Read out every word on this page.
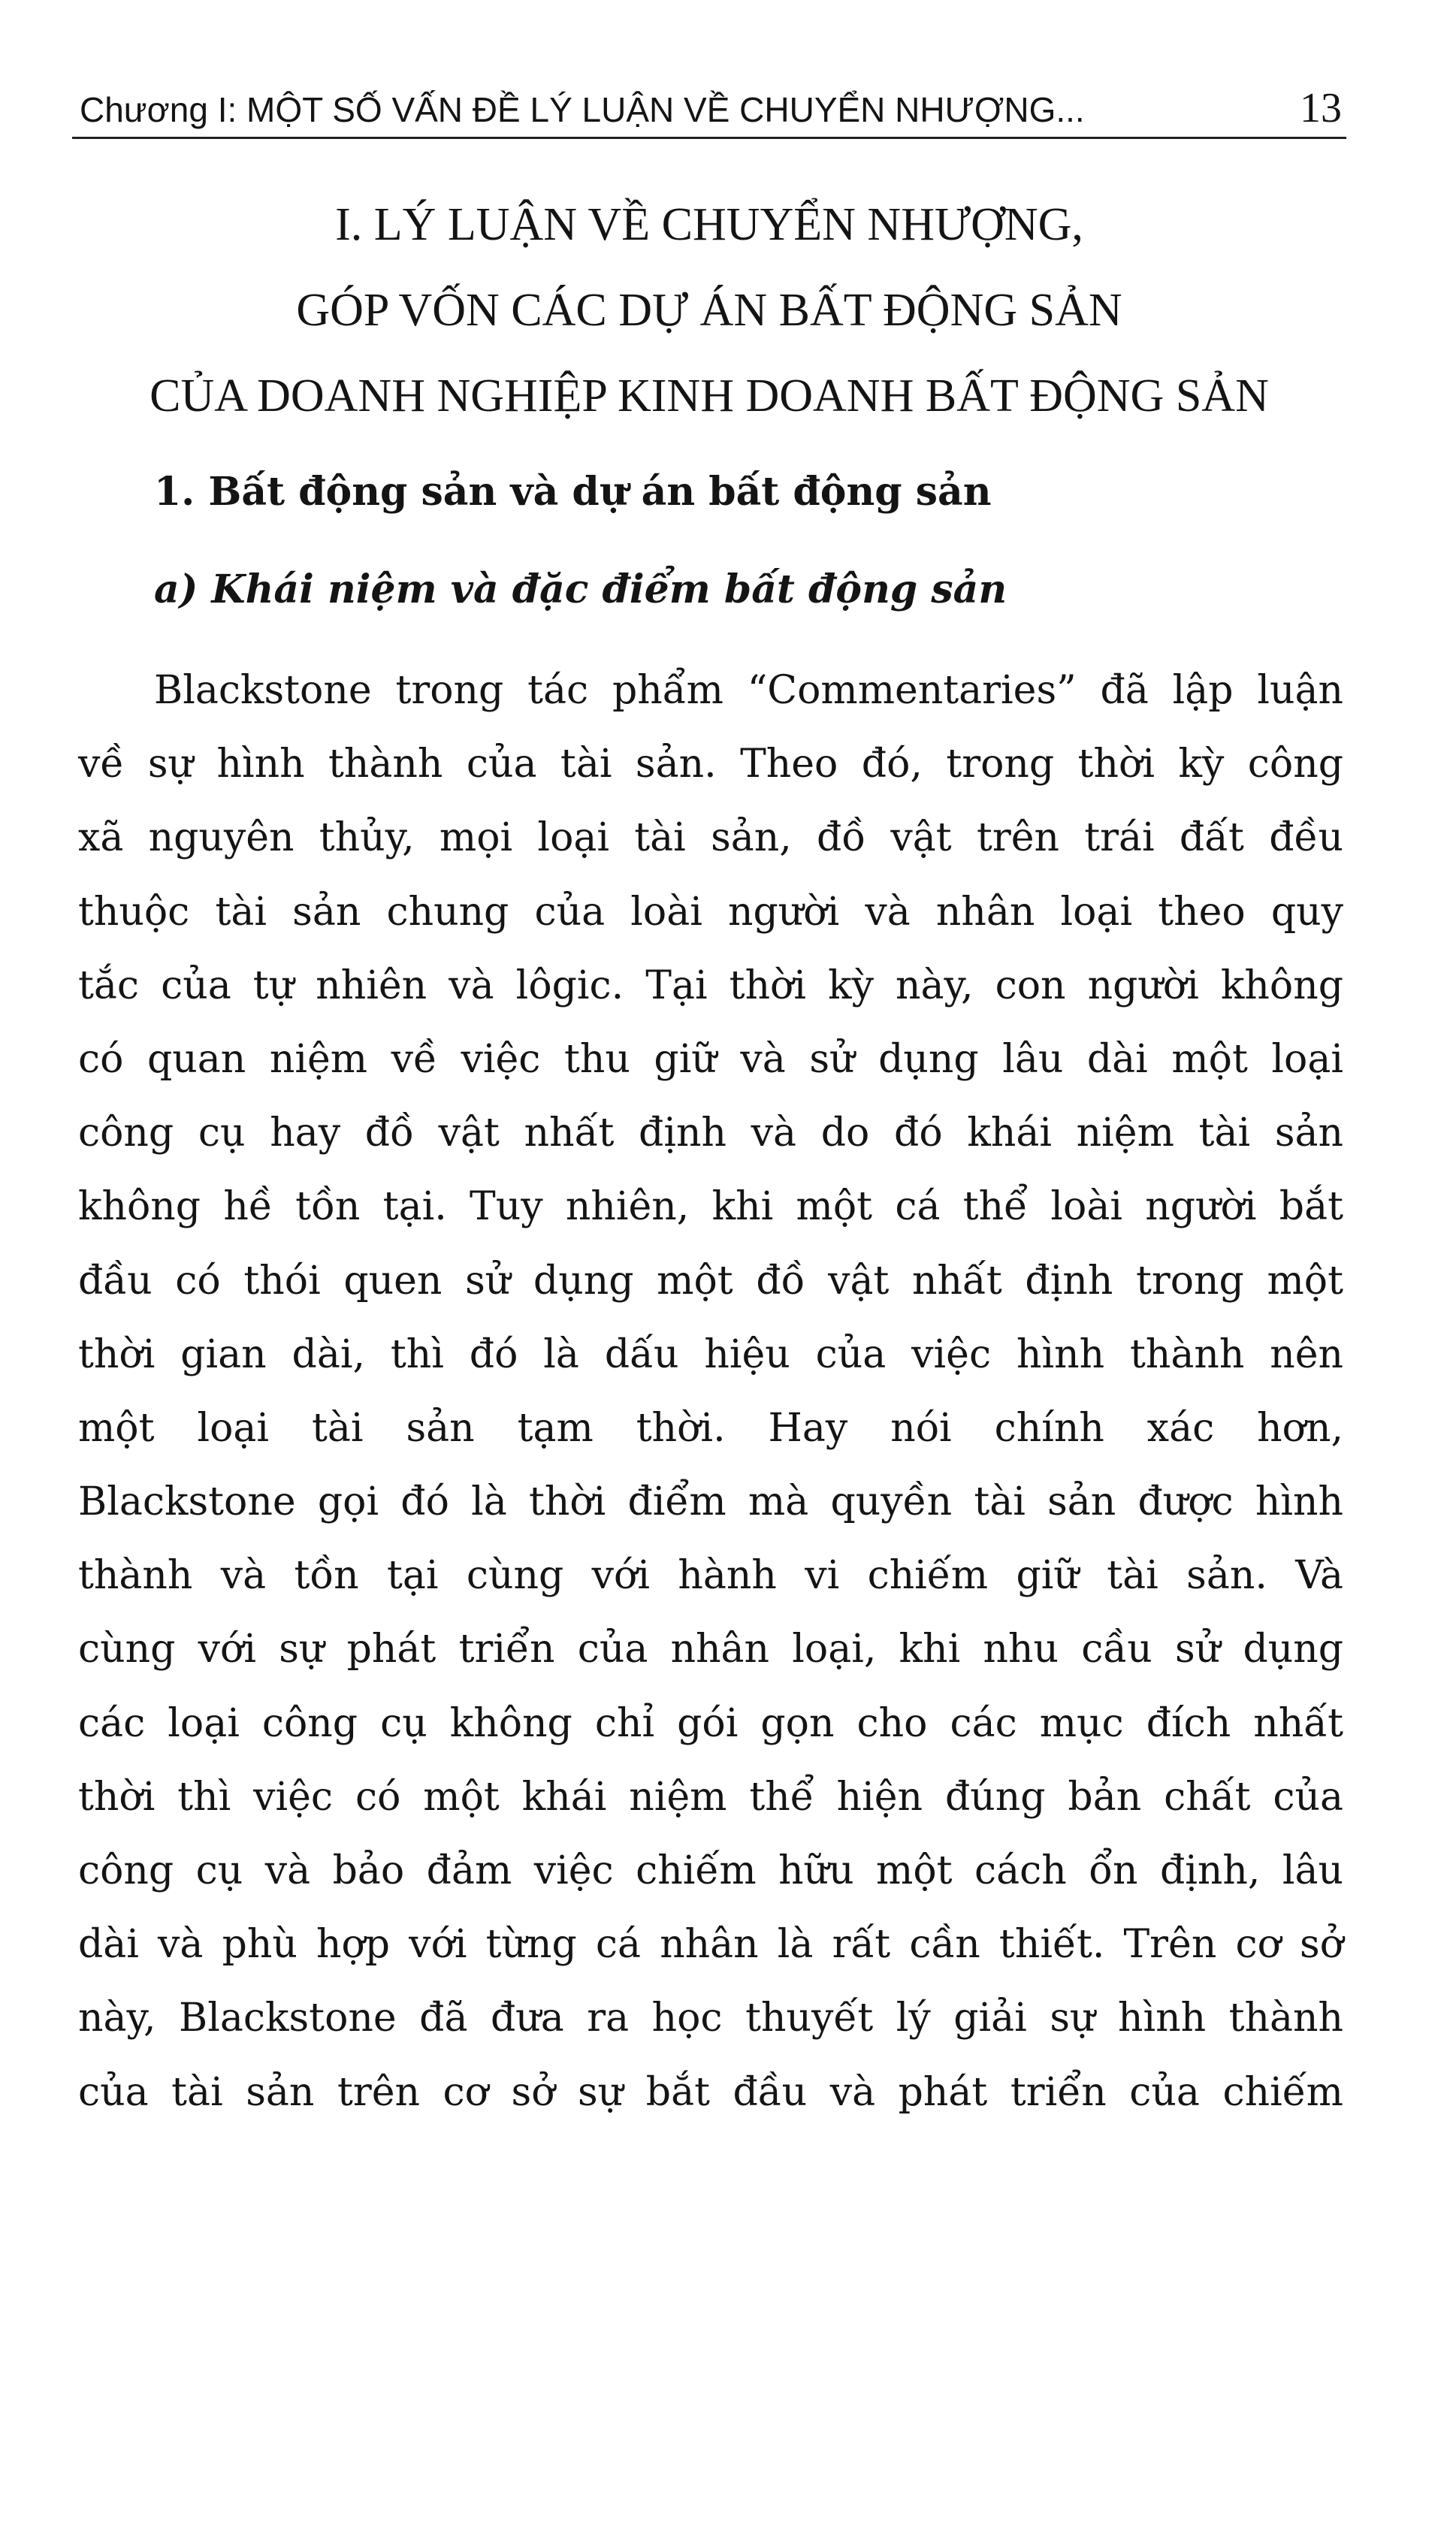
Chương I: MỘT SỐ VẤN ĐỀ LÝ LUẬN VỀ CHUYỂN NHƯỢNG...	13
I. LÝ LUẬN VỀ CHUYỂN NHƯỢNG,
GÓP VỐN CÁC DỰ ÁN BẤT ĐỘNG SẢN
CỦA DOANH NGHIỆP KINH DOANH BẤT ĐỘNG SẢN
1. Bất động sản và dự án bất động sản
a) Khái niệm và đặc điểm bất động sản
Blackstone trong tác phẩm “Commentaries” đã lập luận
về sự hình thành của tài sản. Theo đó, trong thời kỳ công
xã nguyên thủy, mọi loại tài sản, đồ vật trên trái đất đều
thuộc tài sản chung của loài người và nhân loại theo quy
tắc của tự nhiên và lôgic. Tại thời kỳ này, con người không
có quan niệm về việc thu giữ và sử dụng lâu dài một loại
công cụ hay đồ vật nhất định và do đó khái niệm tài sản
không hề tồn tại. Tuy nhiên, khi một cá thể loài người bắt
đầu có thói quen sử dụng một đồ vật nhất định trong một
thời gian dài, thì đó là dấu hiệu của việc hình thành nên
một loại tài sản tạm thời. Hay nói chính xác hơn,
Blackstone gọi đó là thời điểm mà quyền tài sản được hình
thành và tồn tại cùng với hành vi chiếm giữ tài sản. Và
cùng với sự phát triển của nhân loại, khi nhu cầu sử dụng
các loại công cụ không chỉ gói gọn cho các mục đích nhất
thời thì việc có một khái niệm thể hiện đúng bản chất của
công cụ và bảo đảm việc chiếm hữu một cách ổn định, lâu
dài và phù hợp với từng cá nhân là rất cần thiết. Trên cơ sở
này, Blackstone đã đưa ra học thuyết lý giải sự hình thành
của tài sản trên cơ sở sự bắt đầu và phát triển của chiếm
